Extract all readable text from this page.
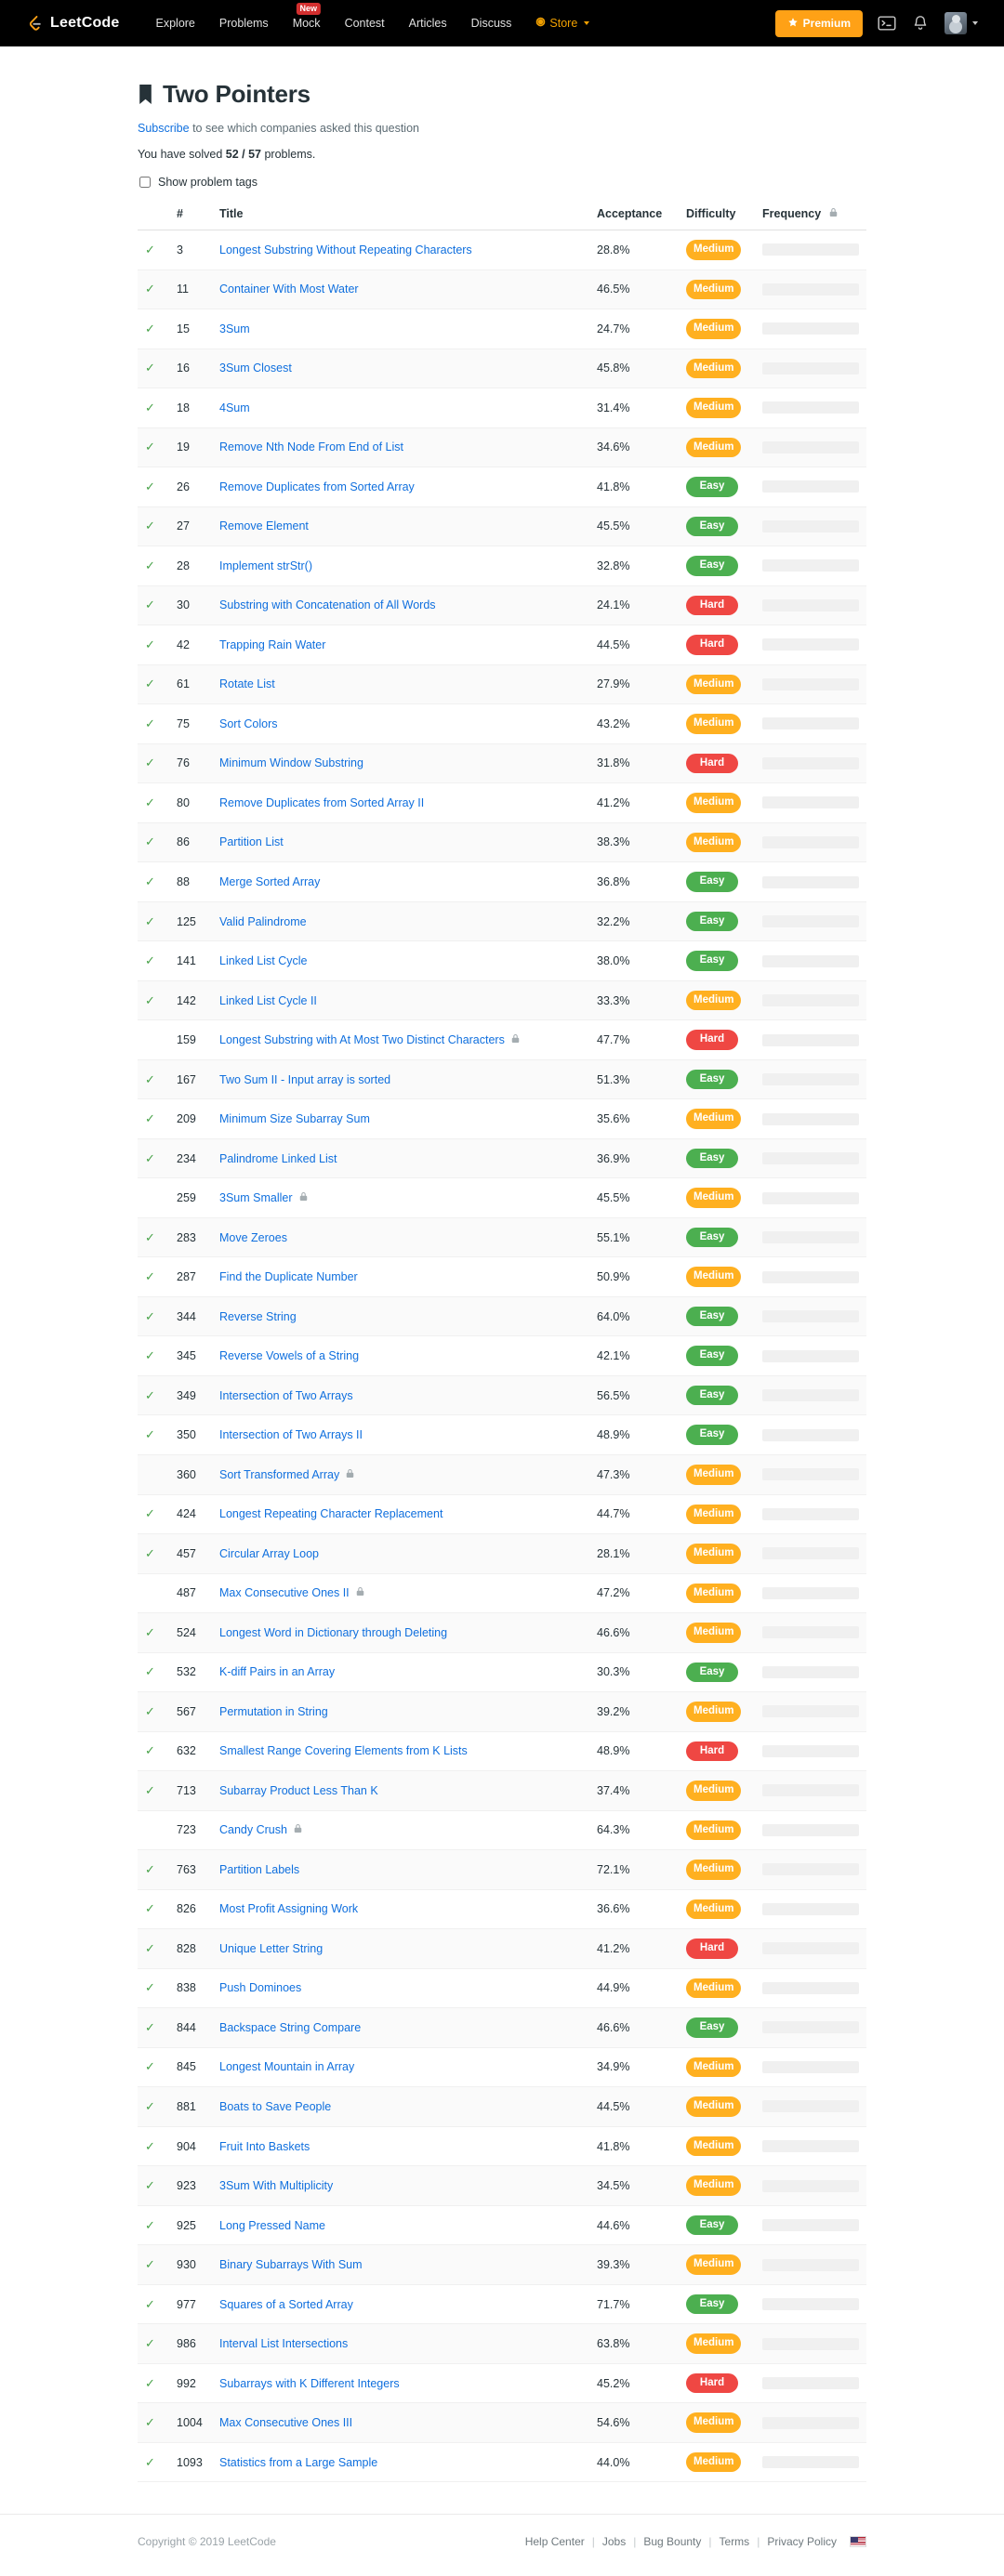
LeetCode	Explore	Problems
New
Mock	Contest	Articles	Discuss	Store	Premium
Two Pointers
Subscribe to see which companies asked this question
You have solved 52 / 57 problems.
Show problem tags
	#	Title	Acceptance	Difficulty	Frequency
✓	3	Longest Substring Without Repeating Characters	28.8%	Medium	

✓	11	Container With Most Water	46.5%	Medium	

✓	15	3Sum	24.7%	Medium	

✓	16	3Sum Closest	45.8%	Medium	

✓	18	4Sum	31.4%	Medium	

✓	19	Remove Nth Node From End of List	34.6%	Medium	

✓	26	Remove Duplicates from Sorted Array	41.8%	Easy	

✓	27	Remove Element	45.5%	Easy	

✓	28	Implement strStr()	32.8%	Easy	

✓	30	Substring with Concatenation of All Words	24.1%	Hard	

✓	42	Trapping Rain Water	44.5%	Hard	

✓	61	Rotate List	27.9%	Medium	

✓	75	Sort Colors	43.2%	Medium	

✓	76	Minimum Window Substring	31.8%	Hard	

✓	80	Remove Duplicates from Sorted Array II	41.2%	Medium	

✓	86	Partition List	38.3%	Medium	

✓	88	Merge Sorted Array	36.8%	Easy	

✓	125	Valid Palindrome	32.2%	Easy	

✓	141	Linked List Cycle	38.0%	Easy	

✓	142	Linked List Cycle II	33.3%	Medium	

	159	Longest Substring with At Most Two Distinct Characters	47.7%	Hard	

✓	167	Two Sum II - Input array is sorted	51.3%	Easy	

✓	209	Minimum Size Subarray Sum	35.6%	Medium	

✓	234	Palindrome Linked List	36.9%	Easy	

	259	3Sum Smaller	45.5%	Medium	

✓	283	Move Zeroes	55.1%	Easy	

✓	287	Find the Duplicate Number	50.9%	Medium	

✓	344	Reverse String	64.0%	Easy	

✓	345	Reverse Vowels of a String	42.1%	Easy	

✓	349	Intersection of Two Arrays	56.5%	Easy	

✓	350	Intersection of Two Arrays II	48.9%	Easy	

	360	Sort Transformed Array	47.3%	Medium	

✓	424	Longest Repeating Character Replacement	44.7%	Medium	

✓	457	Circular Array Loop	28.1%	Medium	

	487	Max Consecutive Ones II	47.2%	Medium	

✓	524	Longest Word in Dictionary through Deleting	46.6%	Medium	

✓	532	K-diff Pairs in an Array	30.3%	Easy	

✓	567	Permutation in String	39.2%	Medium	

✓	632	Smallest Range Covering Elements from K Lists	48.9%	Hard	

✓	713	Subarray Product Less Than K	37.4%	Medium	

	723	Candy Crush	64.3%	Medium	

✓	763	Partition Labels	72.1%	Medium	

✓	826	Most Profit Assigning Work	36.6%	Medium	

✓	828	Unique Letter String	41.2%	Hard	

✓	838	Push Dominoes	44.9%	Medium	

✓	844	Backspace String Compare	46.6%	Easy	

✓	845	Longest Mountain in Array	34.9%	Medium	

✓	881	Boats to Save People	44.5%	Medium	

✓	904	Fruit Into Baskets	41.8%	Medium	

✓	923	3Sum With Multiplicity	34.5%	Medium	

✓	925	Long Pressed Name	44.6%	Easy	

✓	930	Binary Subarrays With Sum	39.3%	Medium	

✓	977	Squares of a Sorted Array	71.7%	Easy	

✓	986	Interval List Intersections	63.8%	Medium	

✓	992	Subarrays with K Different Integers	45.2%	Hard	

✓	1004	Max Consecutive Ones III	54.6%	Medium	

✓	1093	Statistics from a Large Sample	44.0%	Medium	
Copyright © 2019 LeetCode	Help Center | Jobs | Bug Bounty | Terms | Privacy Policy
